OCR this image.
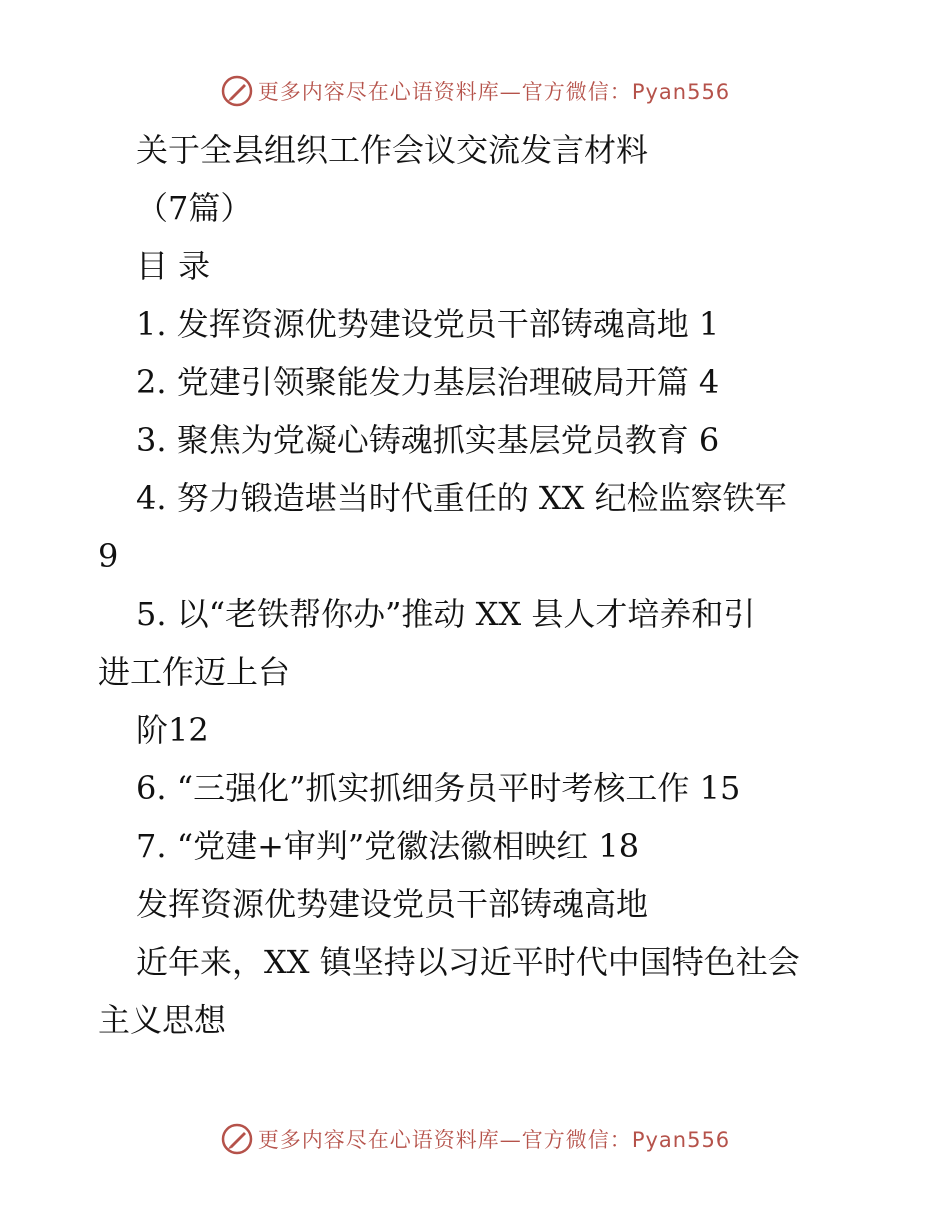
更多内容尽在心语资料库—官方微信：Pyan556
关于全县组织工作会议交流发言材料
（7篇）
目 录
1. 发挥资源优势建设党员干部铸魂高地 1
2. 党建引领聚能发力基层治理破局开篇 4
3. 聚焦为党凝心铸魂抓实基层党员教育 6
4. 努力锻造堪当时代重任的 XX 纪检监察铁军
9
5. 以“老铁帮你办”推动 XX 县人才培养和引
进工作迈上台
阶12
6. “三强化”抓实抓细务员平时考核工作 15
7. “党建+审判”党徽法徽相映红 18
发挥资源优势建设党员干部铸魂高地
近年来，XX 镇坚持以习近平时代中国特色社会
主义思想
更多内容尽在心语资料库—官方微信：Pyan556
